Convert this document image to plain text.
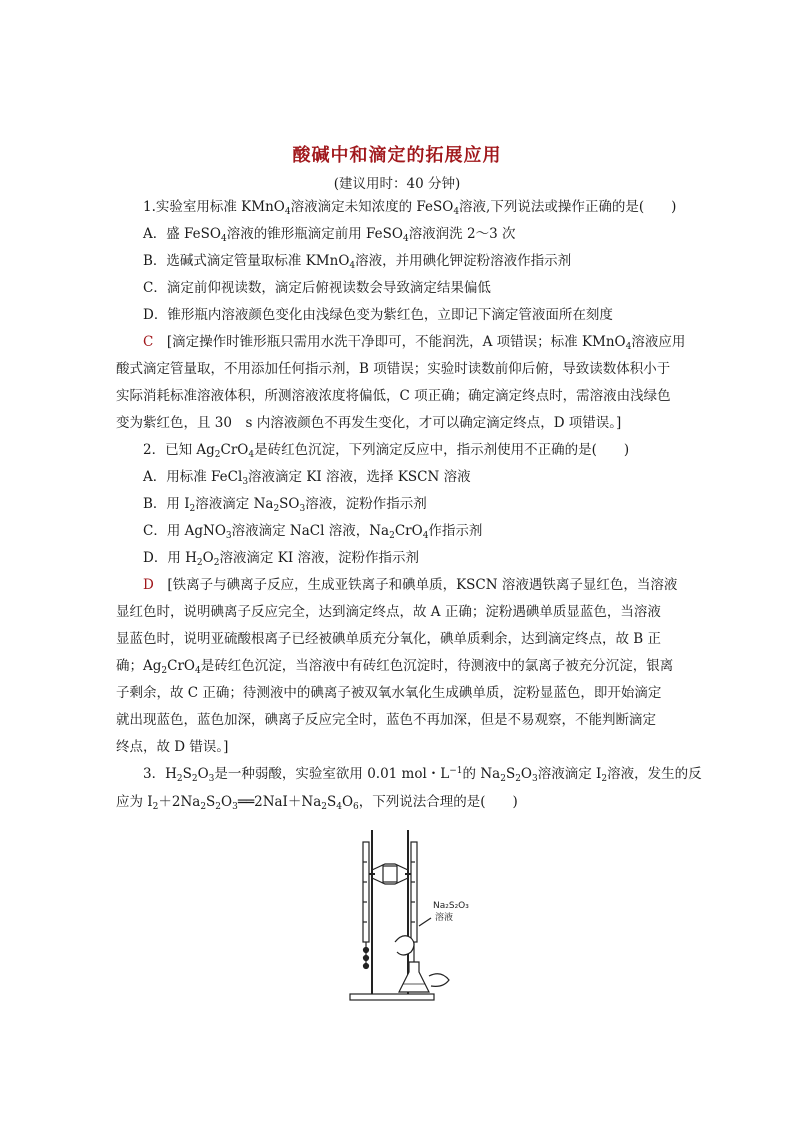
酸碱中和滴定的拓展应用
(建议用时：40 分钟)
1.实验室用标准 KMnO$_4$溶液滴定未知浓度的 FeSO$_4$溶液,下列说法或操作正确的是(　　)
A．盛 FeSO$_4$溶液的锥形瓶滴定前用 FeSO$_4$溶液润洗 2～3 次
B．选碱式滴定管量取标准 KMnO$_4$溶液，并用碘化钾淀粉溶液作指示剂
C．滴定前仰视读数，滴定后俯视读数会导致滴定结果偏低
D．锥形瓶内溶液颜色变化由浅绿色变为紫红色，立即记下滴定管液面所在刻度
C　 [滴定操作时锥形瓶只需用水洗干净即可，不能润洗，A 项错误；标准 KMnO$_4$溶液应用
酸式滴定管量取，不用添加任何指示剂，B 项错误；实验时读数前仰后俯，导致读数体积小于
实际消耗标准溶液体积，所测溶液浓度将偏低，C 项正确；确定滴定终点时，需溶液由浅绿色
变为紫红色，且 30　s 内溶液颜色不再发生变化，才可以确定滴定终点，D 项错误。]
2．已知 $Ag_2CrO_4$是砖红色沉淀，下列滴定反应中，指示剂使用不正确的是(　　)
A．用标准 FeCl$_3$溶液滴定 KI 溶液，选择 KSCN 溶液
B．用 $I_2$溶液滴定 $Na_2SO_3$溶液，淀粉作指示剂
C．用 AgNO$_3$溶液滴定 NaCl 溶液，$Na_2CrO_4$作指示剂
D．用 $H_2O_2$溶液滴定 KI 溶液，淀粉作指示剂
D　 [铁离子与碘离子反应，生成亚铁离子和碘单质，KSCN 溶液遇铁离子显红色，当溶液
显红色时，说明碘离子反应完全，达到滴定终点，故 A 正确；淀粉遇碘单质显蓝色，当溶液
显蓝色时，说明亚硫酸根离子已经被碘单质充分氧化，碘单质剩余，达到滴定终点，故 B 正
确；$Ag_2CrO_4$是砖红色沉淀，当溶液中有砖红色沉淀时，待测液中的氯离子被充分沉淀，银离
子剩余，故 C 正确；待测液中的碘离子被双氧水氧化生成碘单质，淀粉显蓝色，即开始滴定
就出现蓝色，蓝色加深，碘离子反应完全时，蓝色不再加深，但是不易观察，不能判断滴定
终点，故 D 错误。]
3．$H_2S_2O_3$是一种弱酸，实验室欲用 0.01 mol・$L^{-1}$的 $Na_2S_2O_3$溶液滴定 $I_2$溶液，发生的反
应为 $I_2+2Na_2S_2O_3══2NaI+Na_2S_4O_6$，下列说法合理的是(　　)
Na₂S₂O₃
溶液
